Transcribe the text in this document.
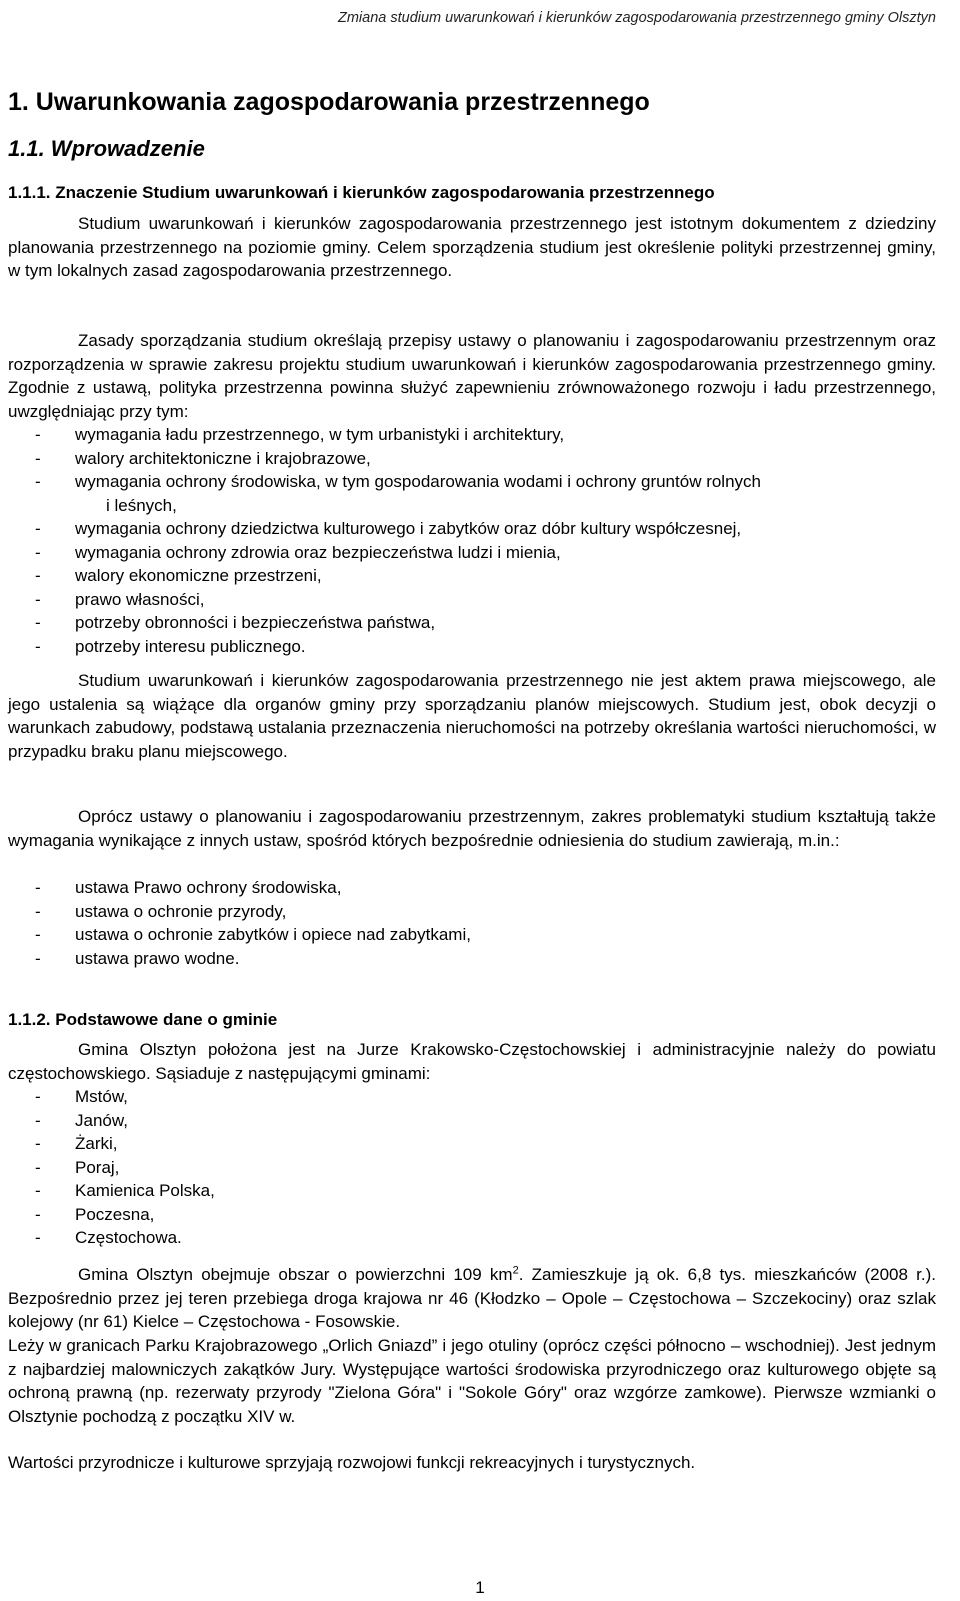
Zmiana studium uwarunkowań i kierunków zagospodarowania przestrzennego gminy Olsztyn
1. Uwarunkowania zagospodarowania przestrzennego
1.1. Wprowadzenie
1.1.1. Znaczenie Studium uwarunkowań i kierunków zagospodarowania przestrzennego
Studium uwarunkowań i kierunków zagospodarowania przestrzennego jest istotnym dokumentem z dziedziny planowania przestrzennego na poziomie gminy. Celem sporządzenia studium jest określenie polityki przestrzennej gminy, w tym lokalnych zasad zagospodarowania przestrzennego.
Zasady sporządzania studium określają przepisy ustawy o planowaniu i zagospodarowaniu przestrzennym oraz rozporządzenia w sprawie zakresu projektu studium uwarunkowań i kierunków zagospodarowania przestrzennego gminy. Zgodnie z ustawą, polityka przestrzenna powinna służyć zapewnieniu zrównoważonego rozwoju i ładu przestrzennego, uwzględniając przy tym:
- wymagania ładu przestrzennego, w tym urbanistyki i architektury,
- walory architektoniczne i krajobrazowe,
- wymagania ochrony środowiska, w tym gospodarowania wodami i ochrony gruntów rolnych
i leśnych,
- wymagania ochrony dziedzictwa kulturowego i zabytków oraz dóbr kultury współczesnej,
- wymagania ochrony zdrowia oraz bezpieczeństwa ludzi i mienia,
- walory ekonomiczne przestrzeni,
- prawo własności,
- potrzeby obronności i bezpieczeństwa państwa,
- potrzeby interesu publicznego.
Studium uwarunkowań i kierunków zagospodarowania przestrzennego nie jest aktem prawa miejscowego, ale jego ustalenia są wiążące dla organów gminy przy sporządzaniu planów miejscowych. Studium jest, obok decyzji o warunkach zabudowy, podstawą ustalania przeznaczenia nieruchomości na potrzeby określania wartości nieruchomości, w przypadku braku planu miejscowego.
Oprócz ustawy o planowaniu i zagospodarowaniu przestrzennym, zakres problematyki studium kształtują także wymagania wynikające z innych ustaw, spośród których bezpośrednie odniesienia do studium zawierają, m.in.:
- ustawa Prawo ochrony środowiska,
- ustawa o ochronie przyrody,
- ustawa o ochronie zabytków i opiece nad zabytkami,
- ustawa prawo wodne.
1.1.2. Podstawowe dane o gminie
Gmina Olsztyn położona jest na Jurze Krakowsko-Częstochowskiej i administracyjnie należy do powiatu częstochowskiego. Sąsiaduje z następującymi gminami:
- Mstów,
- Janów,
- Żarki,
- Poraj,
- Kamienica Polska,
- Poczesna,
- Częstochowa.
Gmina Olsztyn obejmuje obszar o powierzchni 109 $km^2$. Zamieszkuje ją ok. 6,8 tys. mieszkańców (2008 r.). Bezpośrednio przez jej teren przebiega droga krajowa nr 46 (Kłodzko – Opole – Częstochowa – Szczekociny) oraz szlak kolejowy (nr 61) Kielce – Częstochowa - Fosowskie.
Leży w granicach Parku Krajobrazowego „Orlich Gniazd” i jego otuliny (oprócz części północno – wschodniej). Jest jednym z najbardziej malowniczych zakątków Jury. Występujące wartości środowiska przyrodniczego oraz kulturowego objęte są ochroną prawną (np. rezerwaty przyrody "Zielona Góra" i "Sokole Góry" oraz wzgórze zamkowe). Pierwsze wzmianki o Olsztynie pochodzą z początku XIV w.
Wartości przyrodnicze i kulturowe sprzyjają rozwojowi funkcji rekreacyjnych i turystycznych.
1
